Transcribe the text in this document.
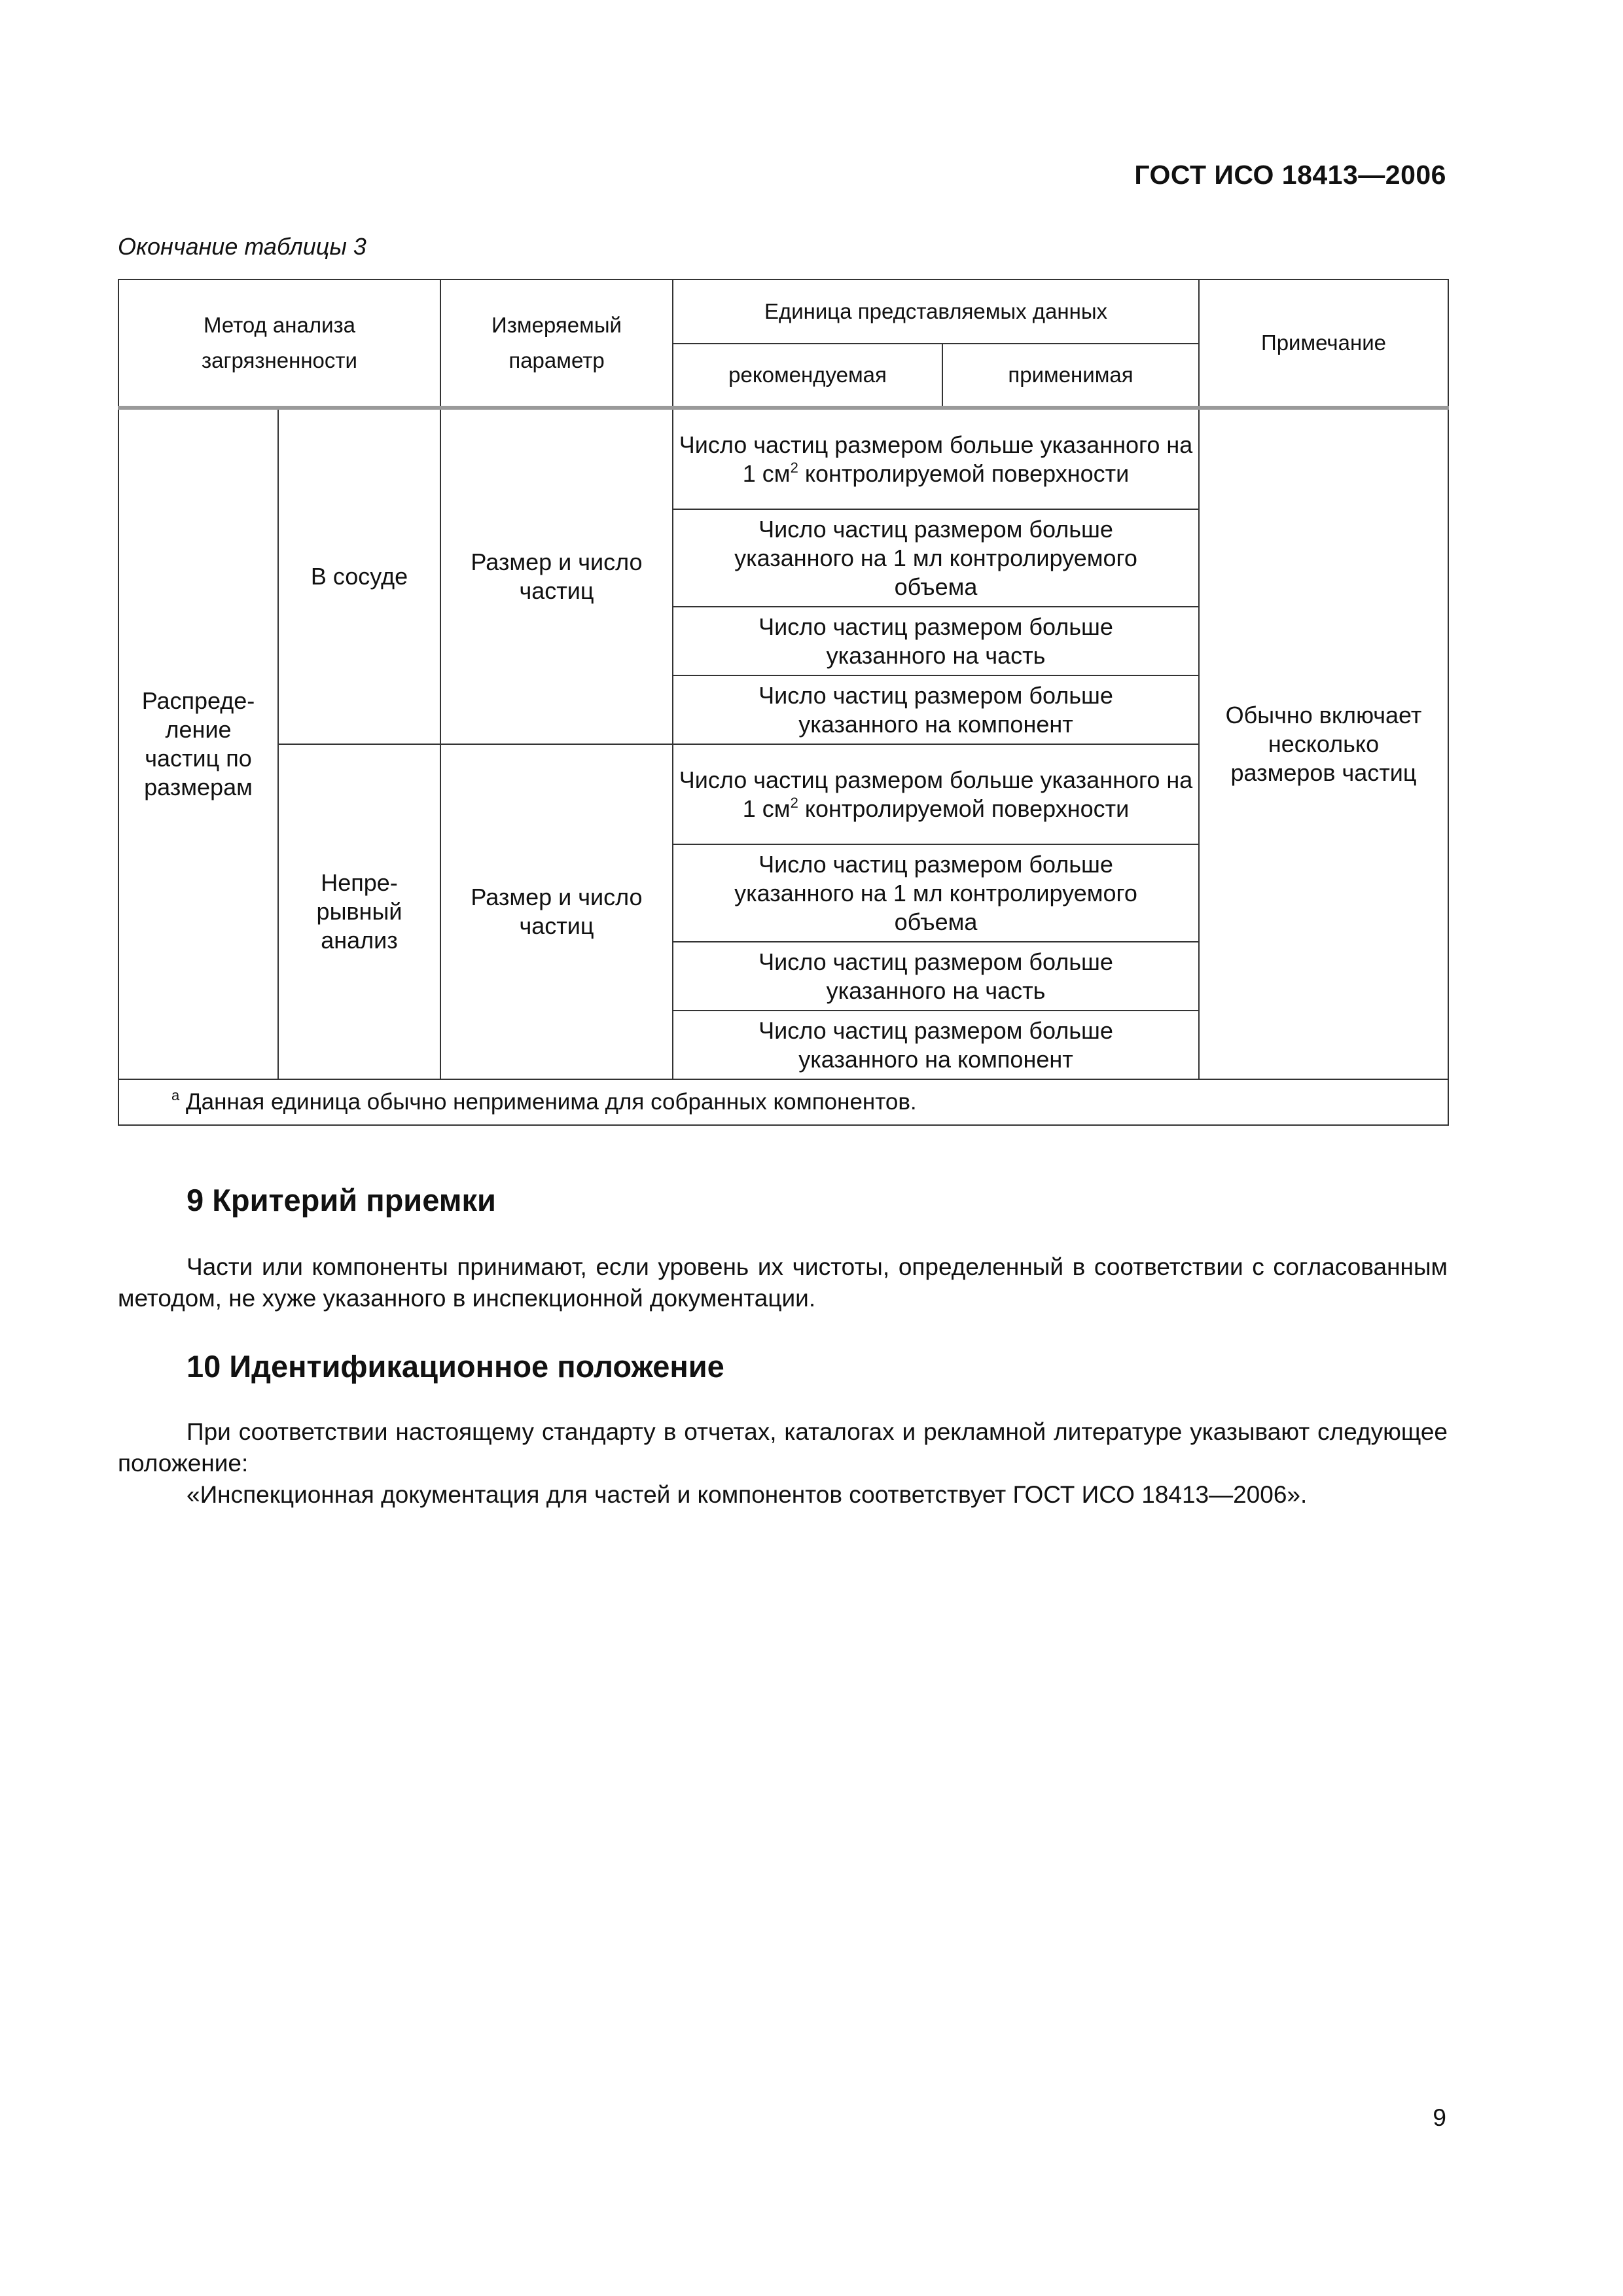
ГОСТ ИСО 18413—2006
Окончание таблицы 3
Метод анализа загрязненности		Измеряемый параметр	Единица представляемых данных		Примечание
			рекомендуемая	применимая	
Распреде-ление частиц по размерам	В сосуде	Размер и число частиц	Число частиц размером больше указанного на 1 $см^2$ контролируемой поверхности		Обычно включает несколько размеров частиц
			Число частиц размером больше указанного на 1 мл контролируемого объема		
			Число частиц размером больше указанного на часть		
			Число частиц размером больше указанного на компонент		
	Непре-рывный анализ	Размер и число частиц	Число частиц размером больше указанного на 1 $см^2$ контролируемой поверхности		
			Число частиц размером больше указанного на 1 мл контролируемого объема		
			Число частиц размером больше указанного на часть		
			Число частиц размером больше указанного на компонент		
$^а$ Данная единица обычно неприменима для собранных компонентов.					
9 Критерий приемки

Части или компоненты принимают, если уровень их чистоты, определенный в соответствии с согласованным методом, не хуже указанного в инспекционной документации.

10 Идентификационное положение

При соответствии настоящему стандарту в отчетах, каталогах и рекламной литературе указывают следующее положение:

«Инспекционная документация для частей и компонентов соответствует ГОСТ ИСО 18413—2006».

9
